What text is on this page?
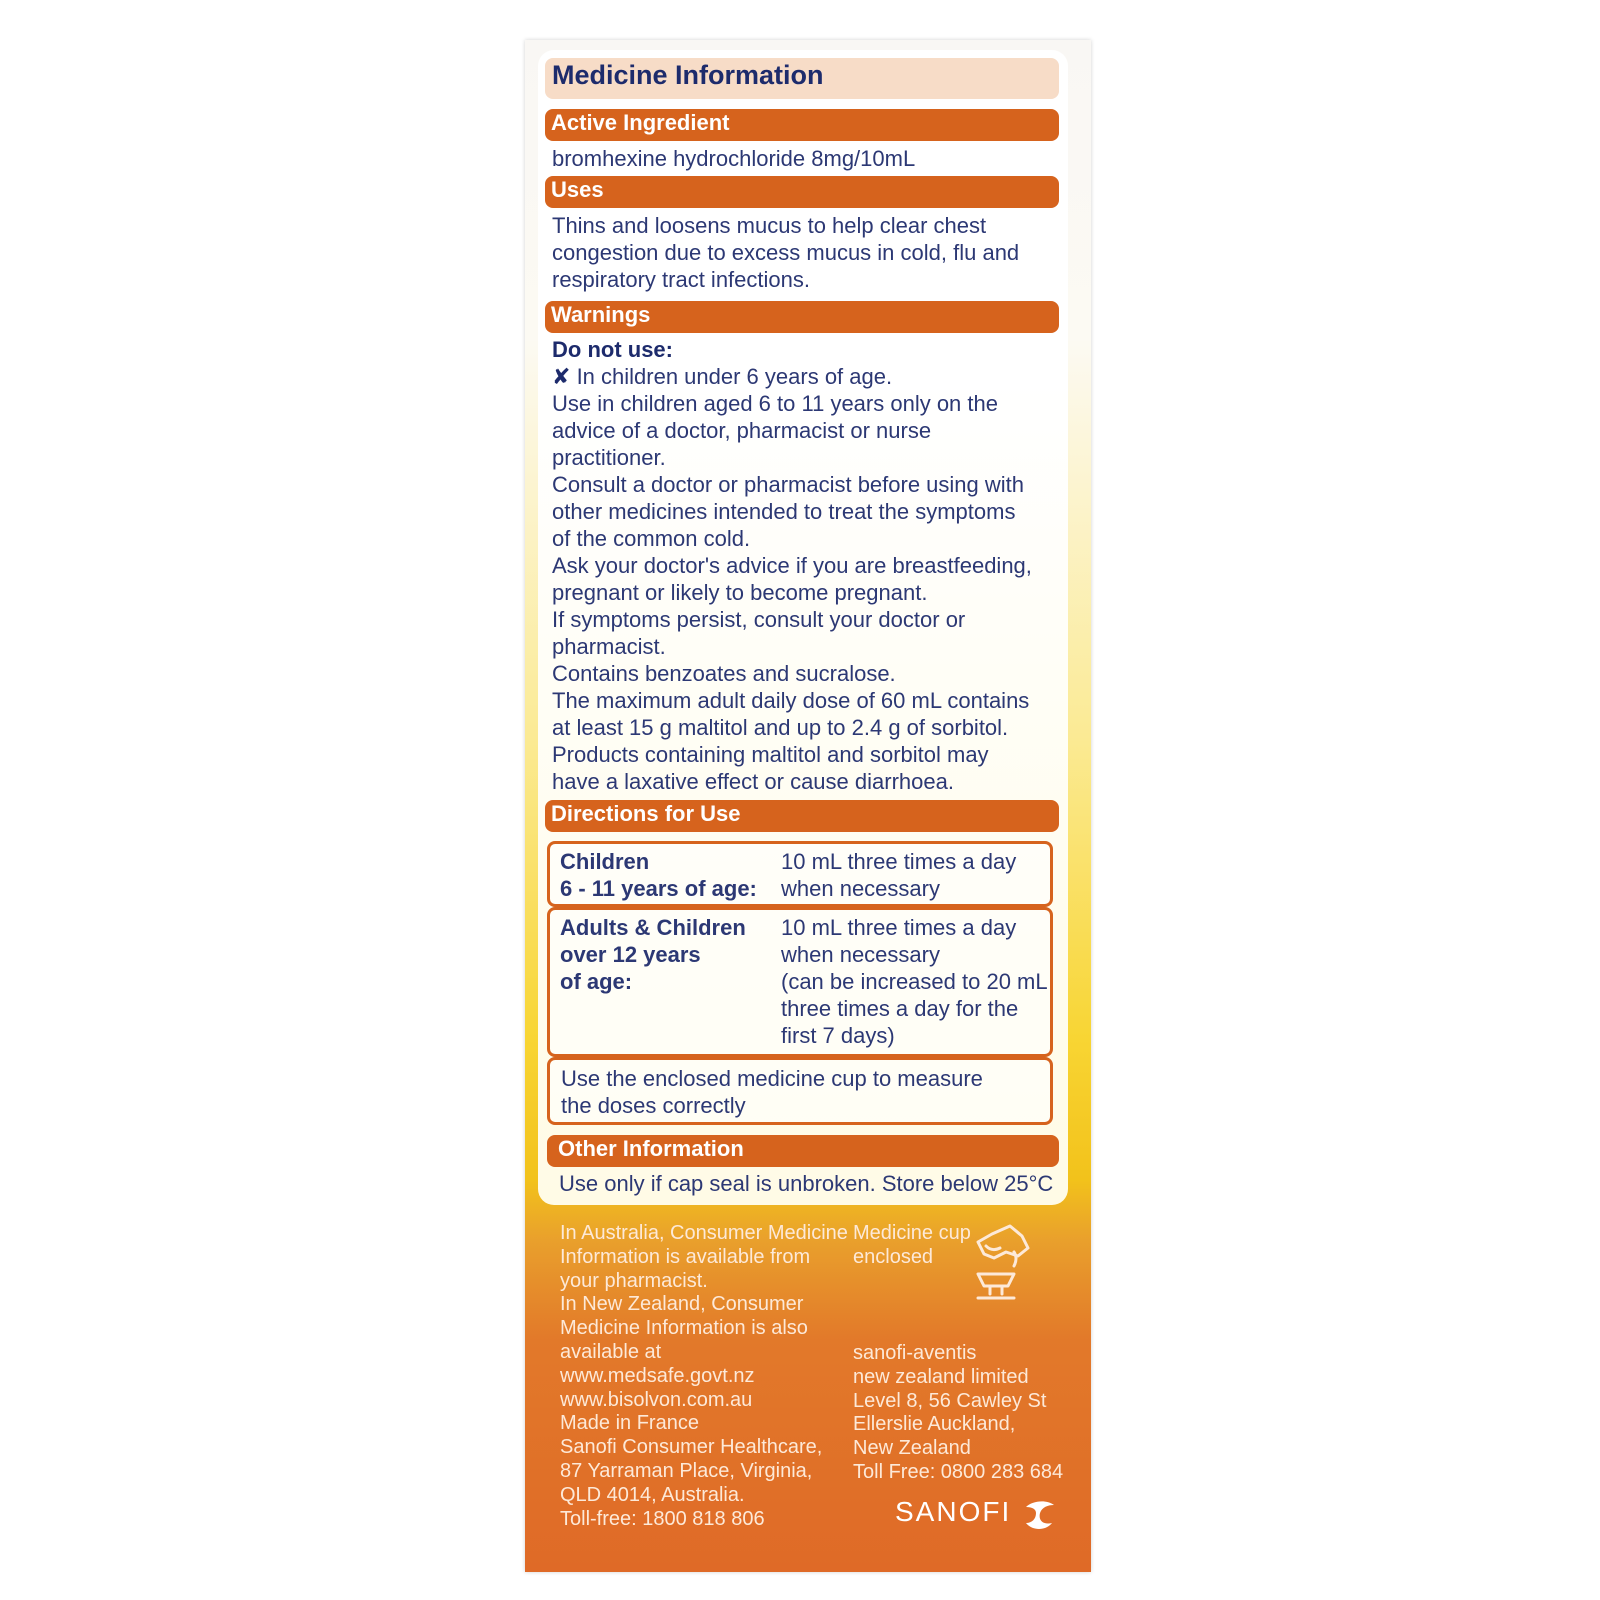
Medicine Information
Active Ingredient
bromhexine hydrochloride 8mg/10mL
Uses
Thins and loosens mucus to help clear chest
congestion due to excess mucus in cold, flu and
respiratory tract infections.
Warnings
Do not use:
✘ In children under 6 years of age.
Use in children aged 6 to 11 years only on the
advice of a doctor, pharmacist or nurse
practitioner.
Consult a doctor or pharmacist before using with
other medicines intended to treat the symptoms
of the common cold.
Ask your doctor's advice if you are breastfeeding,
pregnant or likely to become pregnant.
If symptoms persist, consult your doctor or
pharmacist.
Contains benzoates and sucralose.
The maximum adult daily dose of 60 mL contains
at least 15 g maltitol and up to 2.4 g of sorbitol.
Products containing maltitol and sorbitol may
have a laxative effect or cause diarrhoea.
Directions for Use
Children
6 - 11 years of age:
10 mL three times a day
when necessary
Adults & Children
over 12 years
of age:
10 mL three times a day
when necessary
(can be increased to 20 mL
three times a day for the
first 7 days)
Use the enclosed medicine cup to measure
the doses correctly
Other Information
Use only if cap seal is unbroken. Store below 25°C
In Australia, Consumer Medicine
Information is available from
your pharmacist.
In New Zealand, Consumer
Medicine Information is also
available at
www.medsafe.govt.nz
www.bisolvon.com.au
Made in France
Sanofi Consumer Healthcare,
87 Yarraman Place, Virginia,
QLD 4014, Australia.
Toll-free: 1800 818 806
Medicine cup
enclosed
sanofi-aventis
new zealand limited
Level 8, 56 Cawley St
Ellerslie Auckland,
New Zealand
Toll Free: 0800 283 684
SANOFI
